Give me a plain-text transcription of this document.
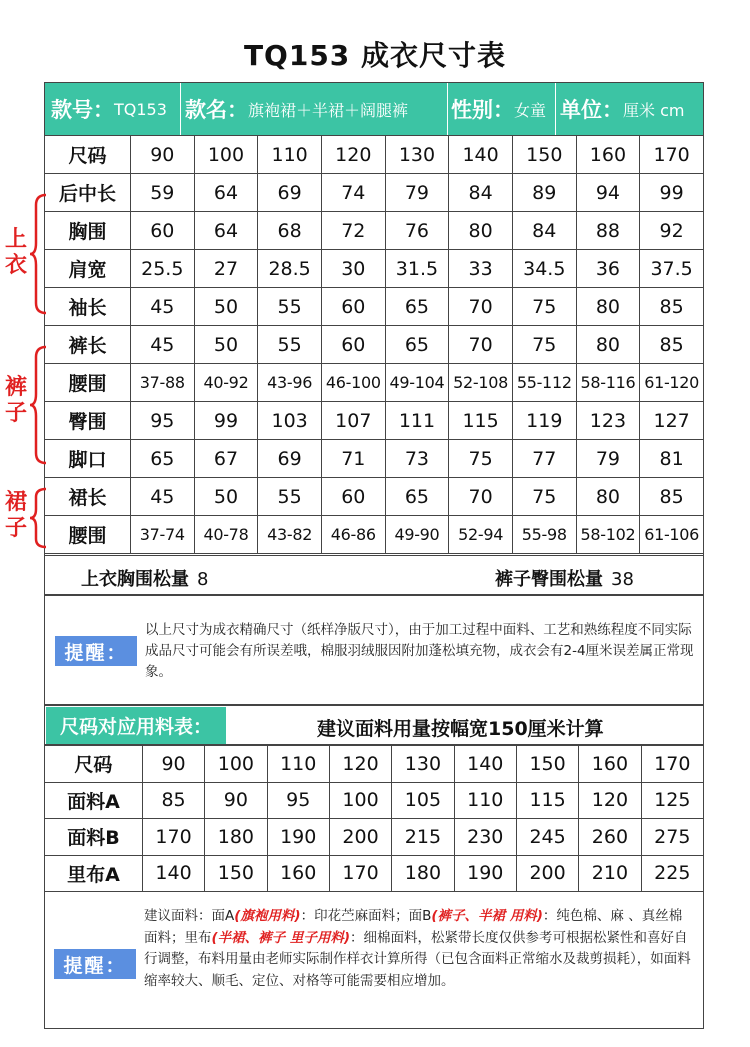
TQ153 成衣尺寸表
款号： TQ153 款名： 旗袍裙＋半裙＋阔腿裤 性别： 女童 单位： 厘米 cm
尺码	90	100	110	120	130	140	150	160	170
后中长	59	64	69	74	79	84	89	94	99
胸围	60	64	68	72	76	80	84	88	92
肩宽	25.5	27	28.5	30	31.5	33	34.5	36	37.5
袖长	45	50	55	60	65	70	75	80	85
裤长	45	50	55	60	65	70	75	80	85
腰围	37-88	40-92	43-96	46-100	49-104	52-108	55-112	58-116	61-120
臀围	95	99	103	107	111	115	119	123	127
脚口	65	67	69	71	73	75	77	79	81
裙长	45	50	55	60	65	70	75	80	85
腰围	37-74	40-78	43-82	46-86	49-90	52-94	55-98	58-102	61-106
上衣
裤子
裙子
上衣胸围松量 8	裤子臀围松量 38
提醒：
以上尺寸为成衣精确尺寸（纸样净版尺寸），由于加工过程中面料、工艺和熟练程度不同实际成品尺寸可能会有所误差哦，棉服羽绒服因附加蓬松填充物，成衣会有2-4厘米误差属正常现象。
尺码对应用料表：	建议面料用量按幅宽150厘米计算
尺码	90	100	110	120	130	140	150	160	170
面料A	85	90	95	100	105	110	115	120	125
面料B	170	180	190	200	215	230	245	260	275
里布A	140	150	160	170	180	190	200	210	225
提醒：
建议面料：面A(旗袍用料)：印花苎麻面料；面B(裤子、半裙 用料)：纯色棉、麻 、真丝棉 面料；里布(半裙、裤子 里子用料)：细棉面料，松紧带长度仅供参考可根据松紧性和喜好自行调整，布料用量由老师实际制作样衣计算所得（已包含面料正常缩水及裁剪损耗），如面料缩率较大、顺毛、定位、对格等可能需要相应增加。
